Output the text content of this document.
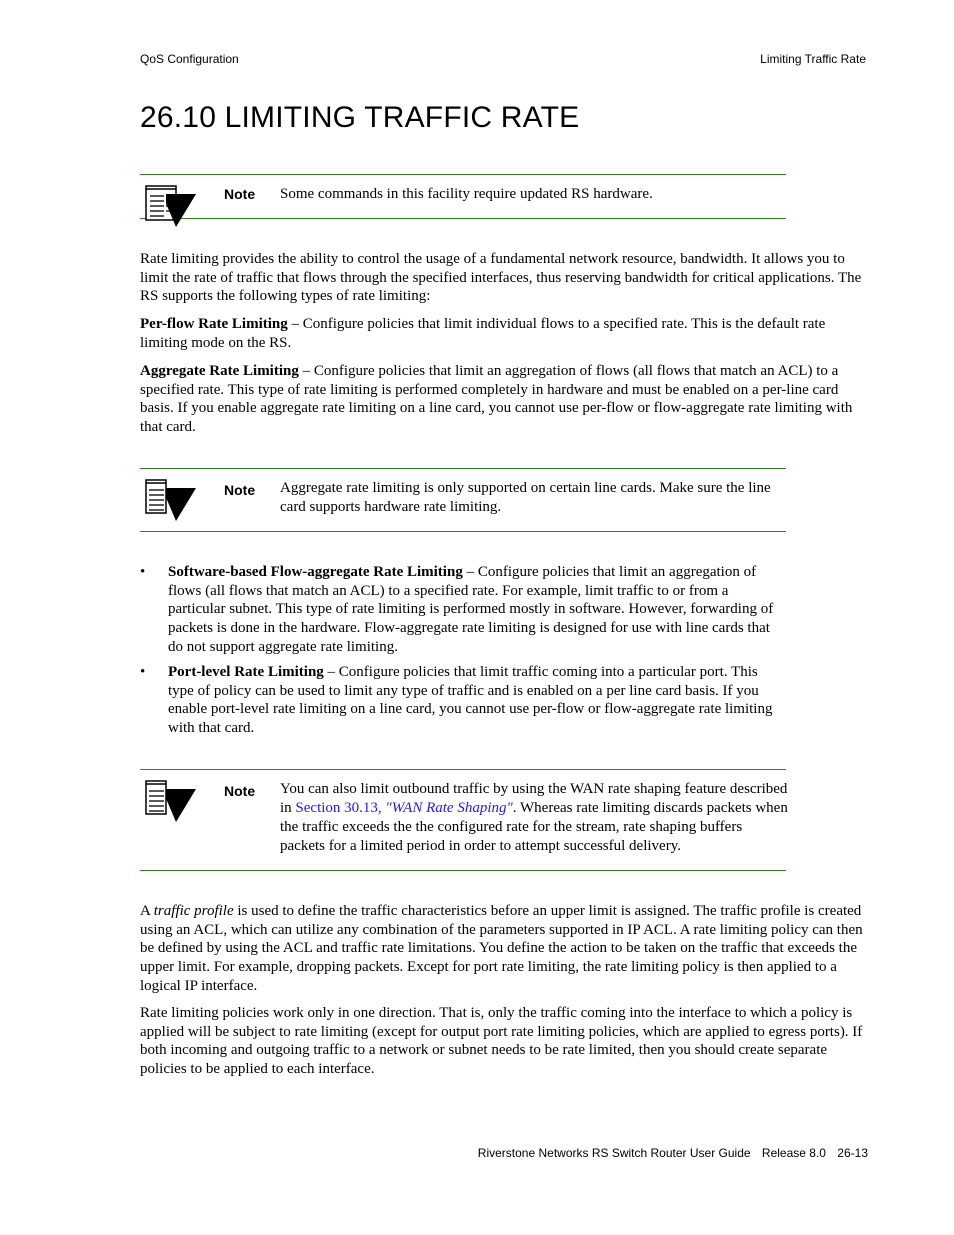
QoS Configuration	Limiting Traffic Rate
26.10 LIMITING TRAFFIC RATE
Note Some commands in this facility require updated RS hardware.

Rate limiting provides the ability to control the usage of a fundamental network resource, bandwidth. It allows you to limit the rate of traffic that flows through the specified interfaces, thus reserving bandwidth for critical applications. The RS supports the following types of rate limiting:

Per-flow Rate Limiting – Configure policies that limit individual flows to a specified rate. This is the default rate limiting mode on the RS.

Aggregate Rate Limiting – Configure policies that limit an aggregation of flows (all flows that match an ACL) to a specified rate. This type of rate limiting is performed completely in hardware and must be enabled on a per-line card basis. If you enable aggregate rate limiting on a line card, you cannot use per-flow or flow-aggregate rate limiting with that card.

Note Aggregate rate limiting is only supported on certain line cards. Make sure the line card supports hardware rate limiting.
• Software-based Flow-aggregate Rate Limiting – Configure policies that limit an aggregation of flows (all flows that match an ACL) to a specified rate. For example, limit traffic to or from a particular subnet. This type of rate limiting is performed mostly in software. However, forwarding of packets is done in the hardware. Flow-aggregate rate limiting is designed for use with line cards that do not support aggregate rate limiting.
• Port-level Rate Limiting – Configure policies that limit traffic coming into a particular port. This type of policy can be used to limit any type of traffic and is enabled on a per line card basis. If you enable port-level rate limiting on a line card, you cannot use per-flow or flow-aggregate rate limiting with that card.
Note You can also limit outbound traffic by using the WAN rate shaping feature described in Section 30.13, "WAN Rate Shaping". Whereas rate limiting discards packets when the traffic exceeds the the configured rate for the stream, rate shaping buffers packets for a limited period in order to attempt successful delivery.

A traffic profile is used to define the traffic characteristics before an upper limit is assigned. The traffic profile is created using an ACL, which can utilize any combination of the parameters supported in IP ACL. A rate limiting policy can then be defined by using the ACL and traffic rate limitations. You define the action to be taken on the traffic that exceeds the upper limit. For example, dropping packets. Except for port rate limiting, the rate limiting policy is then applied to a logical IP interface.

Rate limiting policies work only in one direction. That is, only the traffic coming into the interface to which a policy is applied will be subject to rate limiting (except for output port rate limiting policies, which are applied to egress ports). If both incoming and outgoing traffic to a network or subnet needs to be rate limited, then you should create separate policies to be applied to each interface.

Riverstone Networks RS Switch Router User Guide Release 8.0 26-13
